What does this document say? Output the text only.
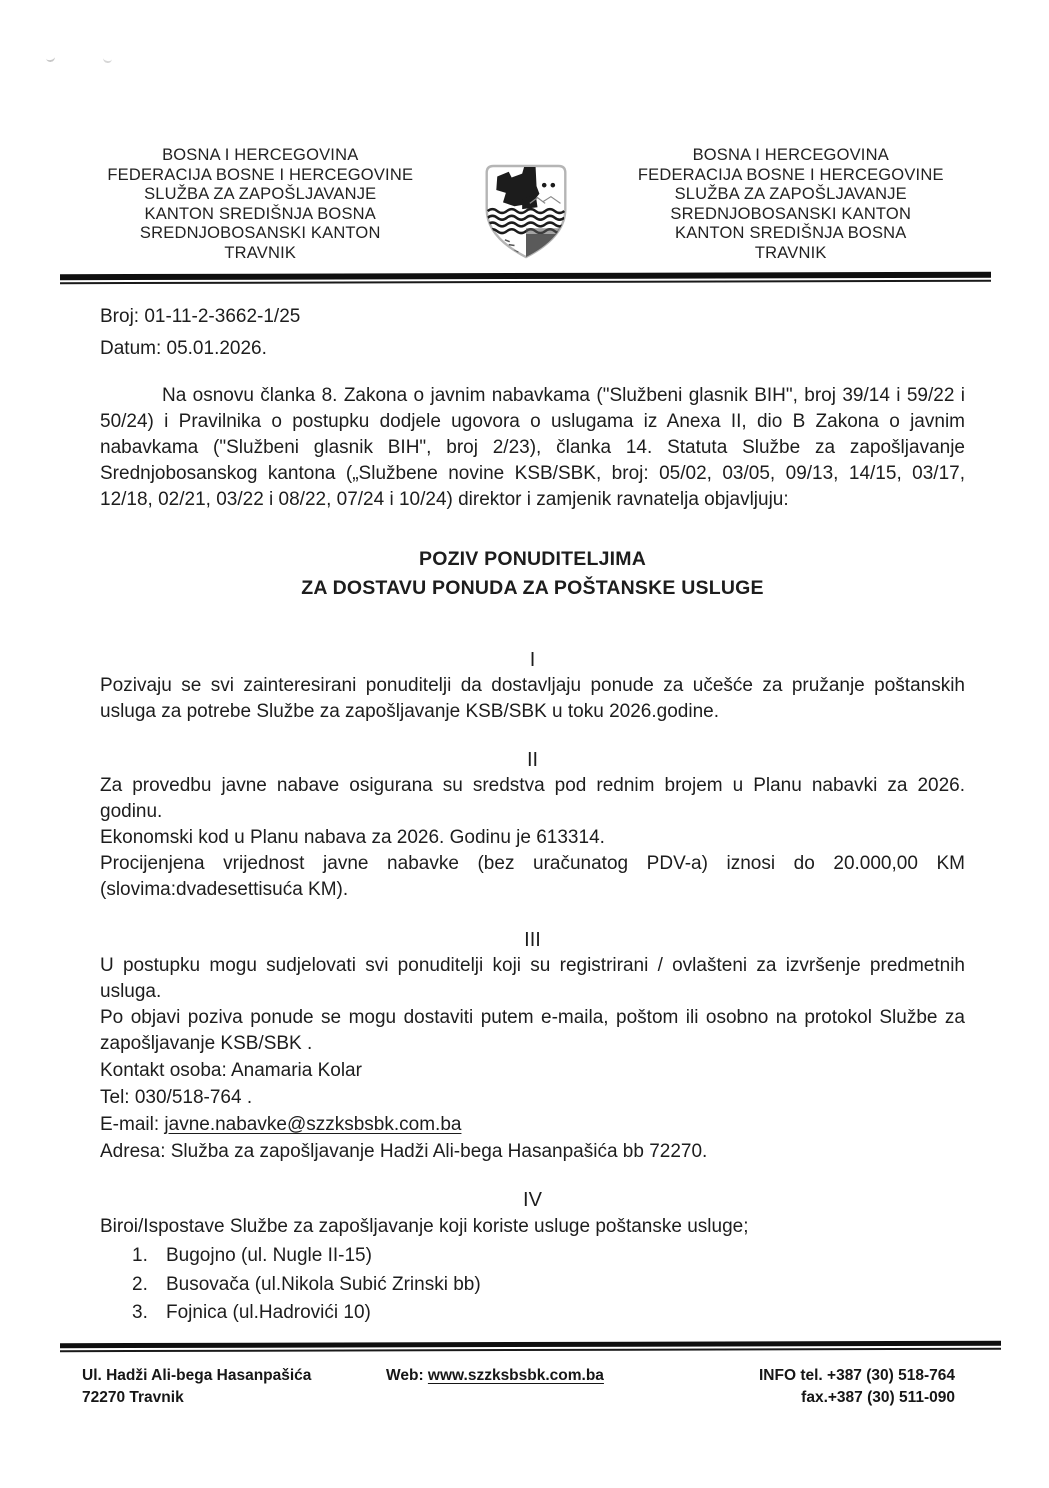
BOSNA I HERCEGOVINA
FEDERACIJA BOSNE I HERCEGOVINE
SLUŽBA ZA ZAPOŠLJAVANJE
KANTON SREDIŠNJA BOSNA
SREDNJOBOSANSKI KANTON
TRAVNIK
BOSNA I HERCEGOVINA
FEDERACIJA BOSNE I HERCEGOVINE
SLUŽBA ZA ZAPOŠLJAVANJE
SREDNJOBOSANSKI KANTON
KANTON SREDIŠNJA BOSNA
TRAVNIK
Broj: 01-11-2-3662-1/25
Datum: 05.01.2026.

Na osnovu članka 8. Zakona o javnim nabavkama ("Službeni glasnik BIH", broj 39/14 i 59/22 i 50/24) i Pravilnika o postupku dodjele ugovora o uslugama iz Anexa II, dio B Zakona o javnim nabavkama ("Službeni glasnik BIH", broj 2/23), članka 14. Statuta Službe za zapošljavanje Srednjobosanskog kantona („Službene novine KSB/SBK, broj: 05/02, 03/05, 09/13, 14/15, 03/17, 12/18, 02/21, 03/22 i 08/22, 07/24 i 10/24) direktor i zamjenik ravnatelja objavljuju:

POZIV PONUDITELJIMA
ZA DOSTAVU PONUDA ZA POŠTANSKE USLUGE
I

Pozivaju se svi zainteresirani ponuditelji da dostavljaju ponude za učešće za pružanje poštanskih usluga za potrebe Službe za zapošljavanje KSB/SBK u toku 2026.godine.

II

Za provedbu javne nabave osigurana su sredstva pod rednim brojem u Planu nabavki za 2026. godinu.

Ekonomski kod u Planu nabava za 2026. Godinu je 613314.

Procijenjena vrijednost javne nabavke (bez uračunatog PDV-a) iznosi do 20.000,00 KM (slovima:dvadesettisuća KM).

III

U postupku mogu sudjelovati svi ponuditelji koji su registrirani / ovlašteni za izvršenje predmetnih usluga.

Po objavi poziva ponude se mogu dostaviti putem e-maila, poštom ili osobno na protokol Službe za zapošljavanje KSB/SBK .

Kontakt osoba: Anamaria Kolar
Tel: 030/518-764 .
E-mail: javne.nabavke@szzksbsbk.com.ba
Adresa: Služba za zapošljavanje Hadži Ali-bega Hasanpašića bb 72270.
IV

Biroi/Ispostave Službe za zapošljavanje koji koriste usluge poštanske usluge;

1. Bugojno (ul. Nugle II-15)
2. Busovača (ul.Nikola Subić Zrinski bb)
3. Fojnica (ul.Hadrovići 10)
Ul. Hadži Ali-bega Hasanpašića
72270 Travnik
Web: www.szzksbsbk.com.ba	INFO tel. +387 (30) 518-764
fax.+387 (30) 511-090
